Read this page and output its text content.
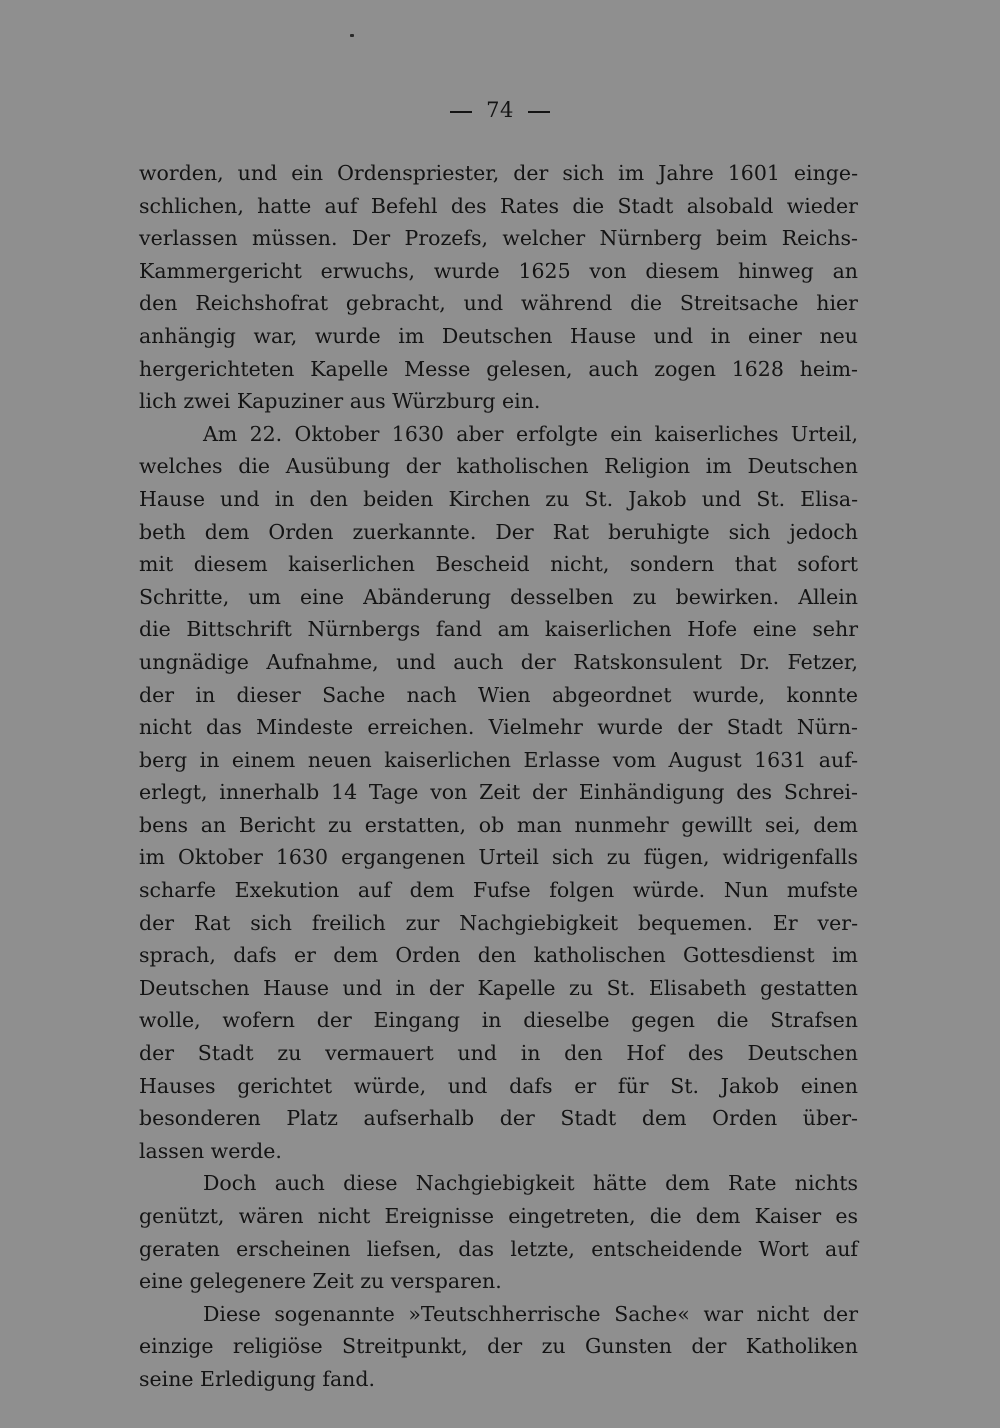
74
worden, und ein Ordenspriester, der sich im Jahre 1601 einge-
schlichen, hatte auf Befehl des Rates die Stadt alsobald wieder
verlassen müssen. Der Prozefs, welcher Nürnberg beim Reichs-
Kammergericht erwuchs, wurde 1625 von diesem hinweg an
den Reichshofrat gebracht, und während die Streitsache hier
anhängig war, wurde im Deutschen Hause und in einer neu
hergerichteten Kapelle Messe gelesen, auch zogen 1628 heim-
lich zwei Kapuziner aus Würzburg ein.
Am 22. Oktober 1630 aber erfolgte ein kaiserliches Urteil,
welches die Ausübung der katholischen Religion im Deutschen
Hause und in den beiden Kirchen zu St. Jakob und St. Elisa-
beth dem Orden zuerkannte. Der Rat beruhigte sich jedoch
mit diesem kaiserlichen Bescheid nicht, sondern that sofort
Schritte, um eine Abänderung desselben zu bewirken. Allein
die Bittschrift Nürnbergs fand am kaiserlichen Hofe eine sehr
ungnädige Aufnahme, und auch der Ratskonsulent Dr. Fetzer,
der in dieser Sache nach Wien abgeordnet wurde, konnte
nicht das Mindeste erreichen. Vielmehr wurde der Stadt Nürn-
berg in einem neuen kaiserlichen Erlasse vom August 1631 auf-
erlegt, innerhalb 14 Tage von Zeit der Einhändigung des Schrei-
bens an Bericht zu erstatten, ob man nunmehr gewillt sei, dem
im Oktober 1630 ergangenen Urteil sich zu fügen, widrigenfalls
scharfe Exekution auf dem Fufse folgen würde. Nun mufste
der Rat sich freilich zur Nachgiebigkeit bequemen. Er ver-
sprach, dafs er dem Orden den katholischen Gottesdienst im
Deutschen Hause und in der Kapelle zu St. Elisabeth gestatten
wolle, wofern der Eingang in dieselbe gegen die Strafsen
der Stadt zu vermauert und in den Hof des Deutschen
Hauses gerichtet würde, und dafs er für St. Jakob einen
besonderen Platz aufserhalb der Stadt dem Orden über-
lassen werde.
Doch auch diese Nachgiebigkeit hätte dem Rate nichts
genützt, wären nicht Ereignisse eingetreten, die dem Kaiser es
geraten erscheinen liefsen, das letzte, entscheidende Wort auf
eine gelegenere Zeit zu versparen.
Diese sogenannte »Teutschherrische Sache« war nicht der
einzige religiöse Streitpunkt, der zu Gunsten der Katholiken
seine Erledigung fand.
